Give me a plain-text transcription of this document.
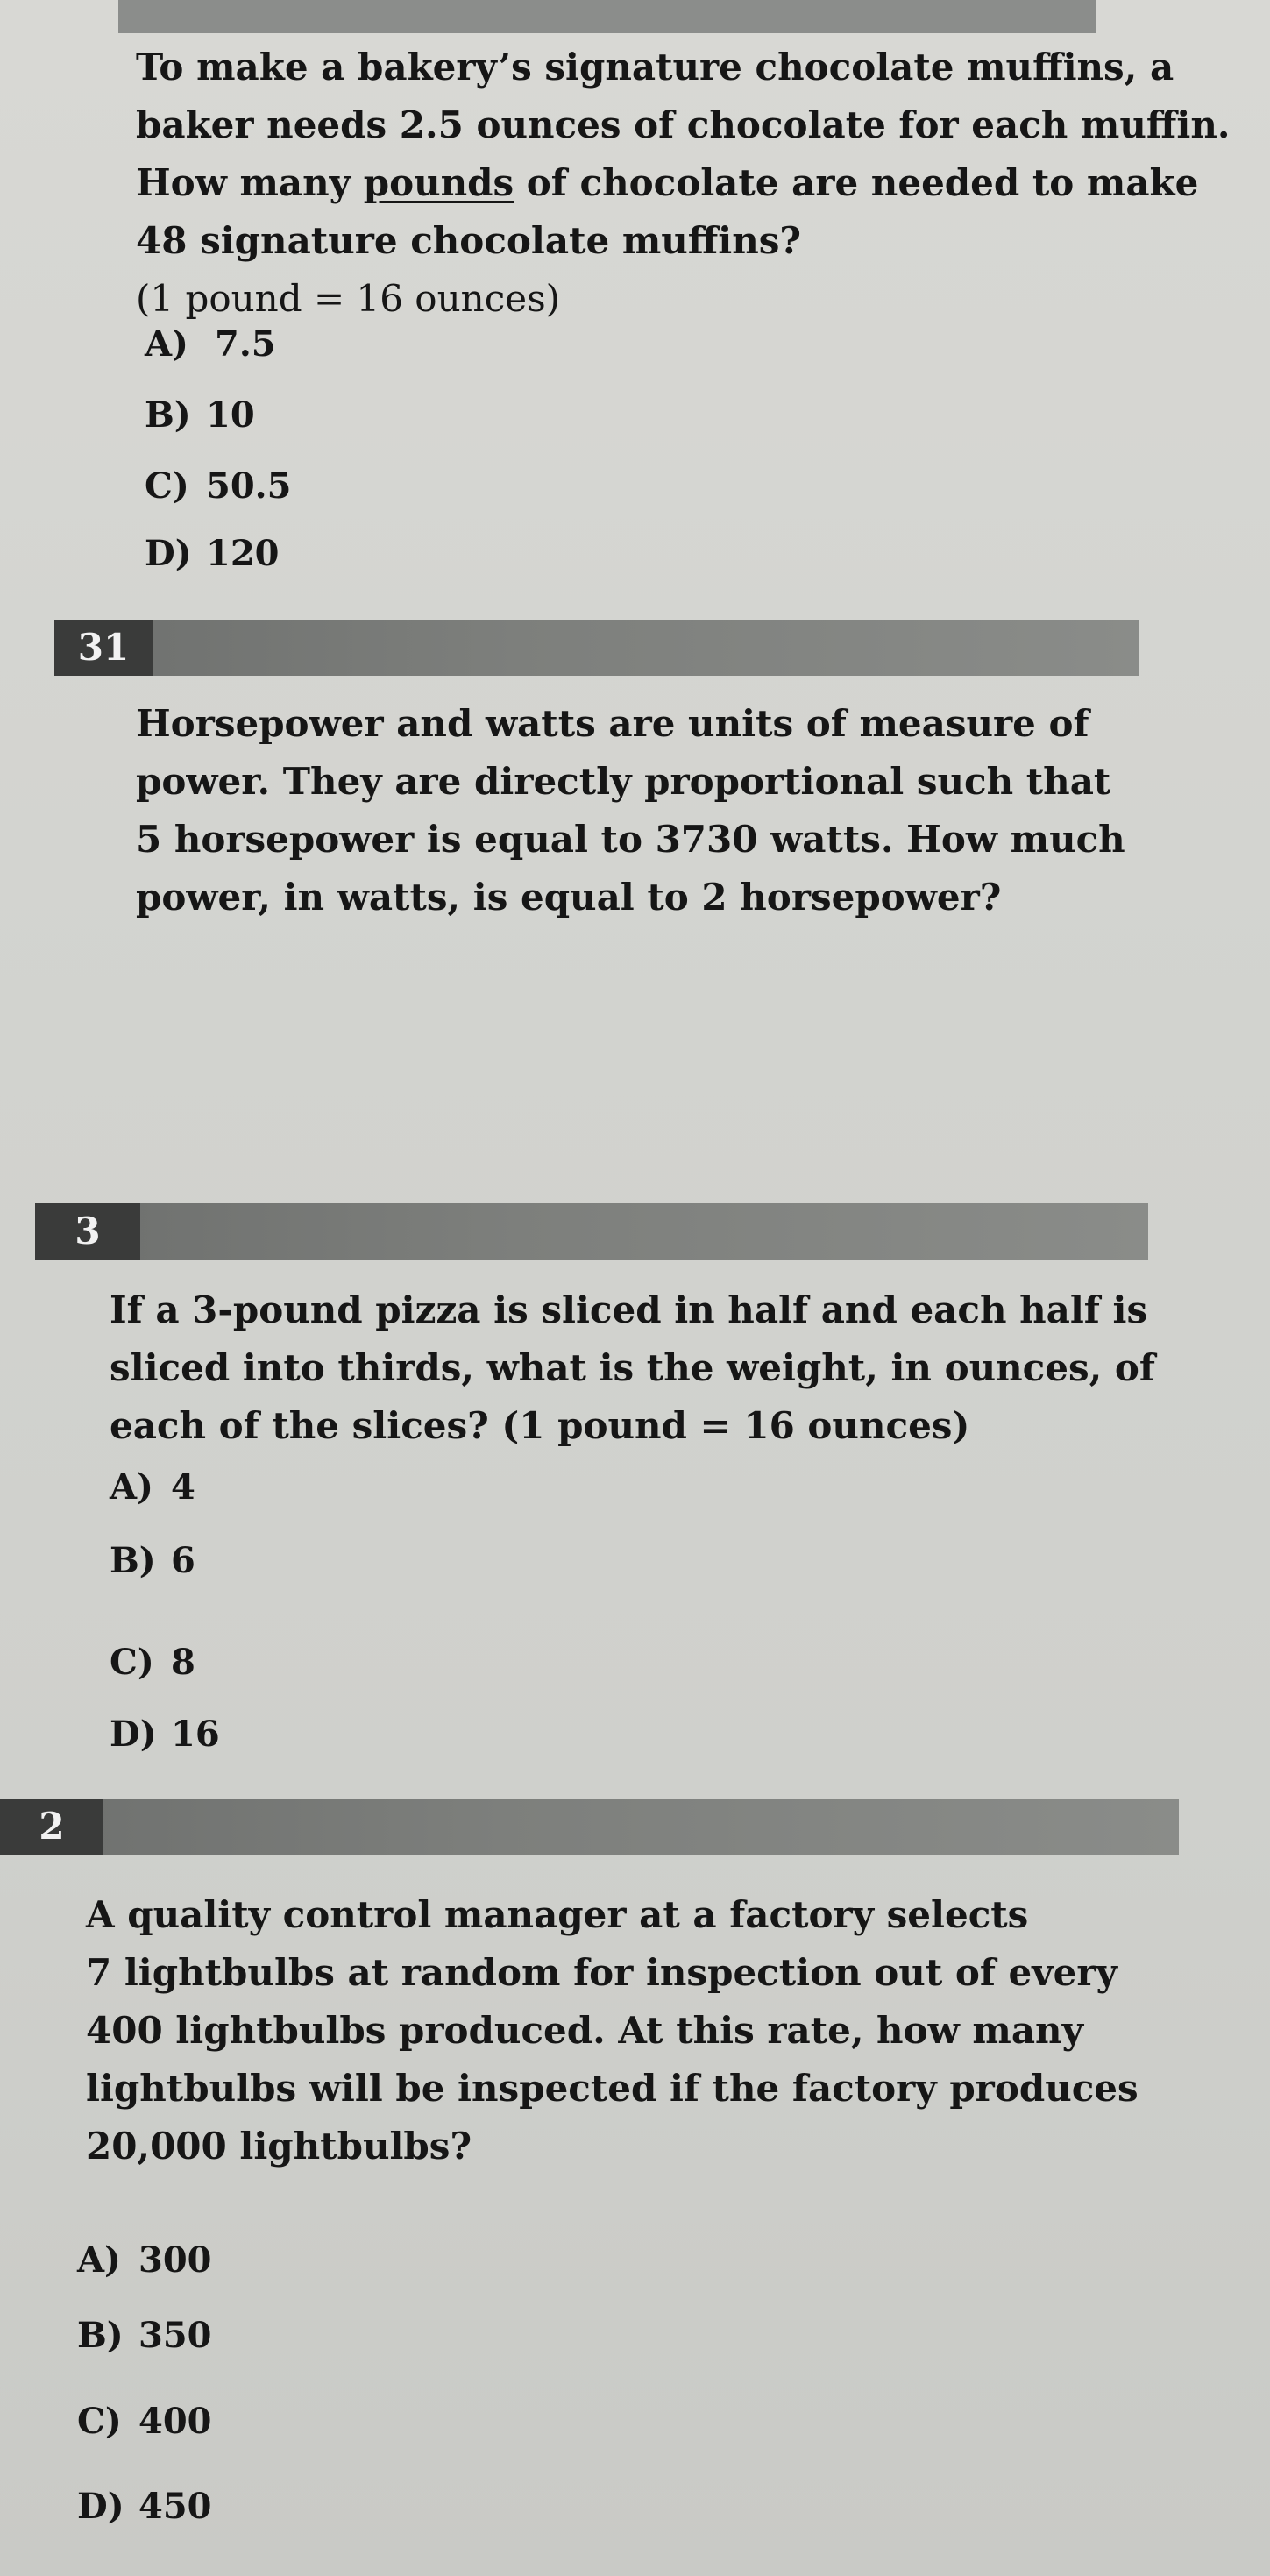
To make a bakery’s signature chocolate muffins, a
baker needs 2.5 ounces of chocolate for each muffin.
How many pounds of chocolate are needed to make
48 signature chocolate muffins?
(1 pound = 16 ounces)
A) 7.5
B) 10
C) 50.5
D) 120
31
Horsepower and watts are units of measure of
power. They are directly proportional such that
5 horsepower is equal to 3730 watts. How much
power, in watts, is equal to 2 horsepower?
3
If a 3-pound pizza is sliced in half and each half is
sliced into thirds, what is the weight, in ounces, of
each of the slices? (1 pound = 16 ounces)
A) 4
B) 6
C) 8
D) 16
2
A quality control manager at a factory selects
7 lightbulbs at random for inspection out of every
400 lightbulbs produced. At this rate, how many
lightbulbs will be inspected if the factory produces
20,000 lightbulbs?
A) 300
B) 350
C) 400
D) 450
